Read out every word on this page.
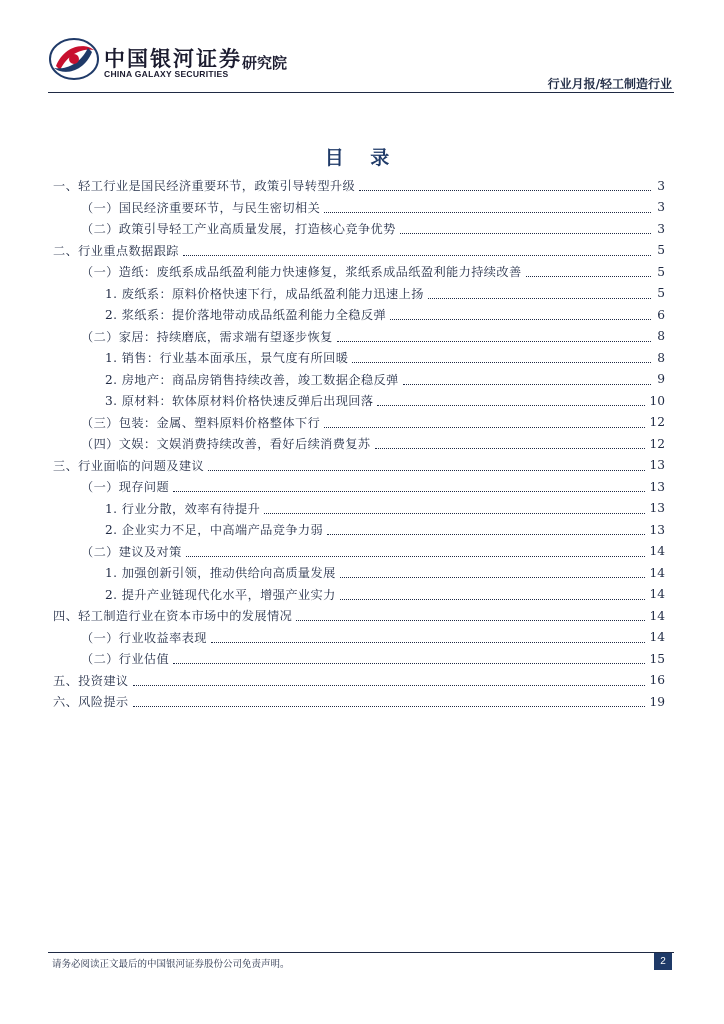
中国银河证券 研究院
CHINA GALAXY SECURITIES
行业月报/轻工制造行业
目 录
一、轻工行业是国民经济重要环节，政策引导转型升级	3
（一）国民经济重要环节，与民生密切相关	3
（二）政策引导轻工产业高质量发展，打造核心竞争优势	3
二、行业重点数据跟踪	5
（一）造纸：废纸系成品纸盈利能力快速修复，浆纸系成品纸盈利能力持续改善	5
1. 废纸系：原料价格快速下行，成品纸盈利能力迅速上扬	5
2. 浆纸系：提价落地带动成品纸盈利能力全稳反弹	6
（二）家居：持续磨底，需求端有望逐步恢复	8
1. 销售：行业基本面承压，景气度有所回暖	8
2. 房地产：商品房销售持续改善，竣工数据企稳反弹	9
3. 原材料：软体原材料价格快速反弹后出现回落	10
（三）包装：金属、塑料原料价格整体下行	12
（四）文娱：文娱消费持续改善，看好后续消费复苏	12
三、行业面临的问题及建议	13
（一）现存问题	13
1. 行业分散，效率有待提升	13
2. 企业实力不足，中高端产品竞争力弱	13
（二）建议及对策	14
1. 加强创新引领，推动供给向高质量发展	14
2. 提升产业链现代化水平，增强产业实力	14
四、轻工制造行业在资本市场中的发展情况	14
（一）行业收益率表现	14
（二）行业估值	15
五、投资建议	16
六、风险提示	19
请务必阅读正文最后的中国银河证券股份公司免责声明。	2
